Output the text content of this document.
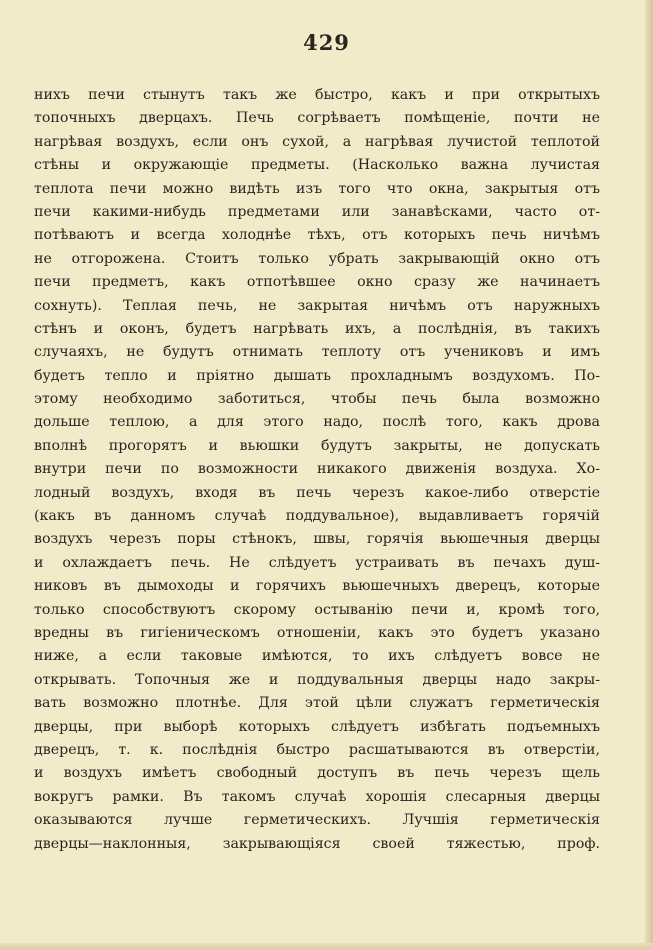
429
нихъ печи стынутъ такъ же быстро, какъ и при открытыхъ
топочныхъ дверцахъ. Печь согрѣваетъ помѣщеніе, почти не
нагрѣвая воздухъ, если онъ сухой, а нагрѣвая лучистой теплотой
стѣны и окружающіе предметы. (Насколько важна лучистая
теплота печи можно видѣть изъ того что окна, закрытыя отъ
печи какими-нибудь предметами или занавѣсками, часто от-
потѣваютъ и всегда холоднѣе тѣхъ, отъ которыхъ печь ничѣмъ
не отгорожена. Стоитъ только убрать закрывающій окно отъ
печи предметъ, какъ отпотѣвшее окно сразу же начинаетъ
сохнуть). Теплая печь, не закрытая ничѣмъ отъ наружныхъ
стѣнъ и оконъ, будетъ нагрѣвать ихъ, а послѣднія, въ такихъ
случаяхъ, не будутъ отнимать теплоту отъ учениковъ и имъ
будетъ тепло и пріятно дышать прохладнымъ воздухомъ. По-
этому необходимо заботиться, чтобы печь была возможно
дольше теплою, а для этого надо, послѣ того, какъ дрова
вполнѣ прогорятъ и вьюшки будутъ закрыты, не допускать
внутри печи по возможности никакого движенія воздуха. Хо-
лодный воздухъ, входя въ печь черезъ какое-либо отверстіе
(какъ въ данномъ случаѣ поддувальное), выдавливаетъ горячій
воздухъ черезъ поры стѣнокъ, швы, горячія вьюшечныя дверцы
и охлаждаетъ печь. Не слѣдуетъ устраивать въ печахъ душ-
никовъ въ дымоходы и горячихъ вьюшечныхъ дверецъ, которые
только способствуютъ скорому остыванію печи и, кромѣ того,
вредны въ гигіеническомъ отношеніи, какъ это будетъ указано
ниже, а если таковые имѣются, то ихъ слѣдуетъ вовсе не
открывать. Топочныя же и поддувальныя дверцы надо закры-
вать возможно плотнѣе. Для этой цѣли служатъ герметическія
дверцы, при выборѣ которыхъ слѣдуетъ избѣгать подъемныхъ
дверецъ, т. к. послѣднія быстро расшатываются въ отверстіи,
и воздухъ имѣетъ свободный доступъ въ печь черезъ щель
вокругъ рамки. Въ такомъ случаѣ хорошія слесарныя дверцы
оказываются лучше герметическихъ. Лучшія герметическія
дверцы—наклонныя, закрывающіяся своей тяжестью, проф.
